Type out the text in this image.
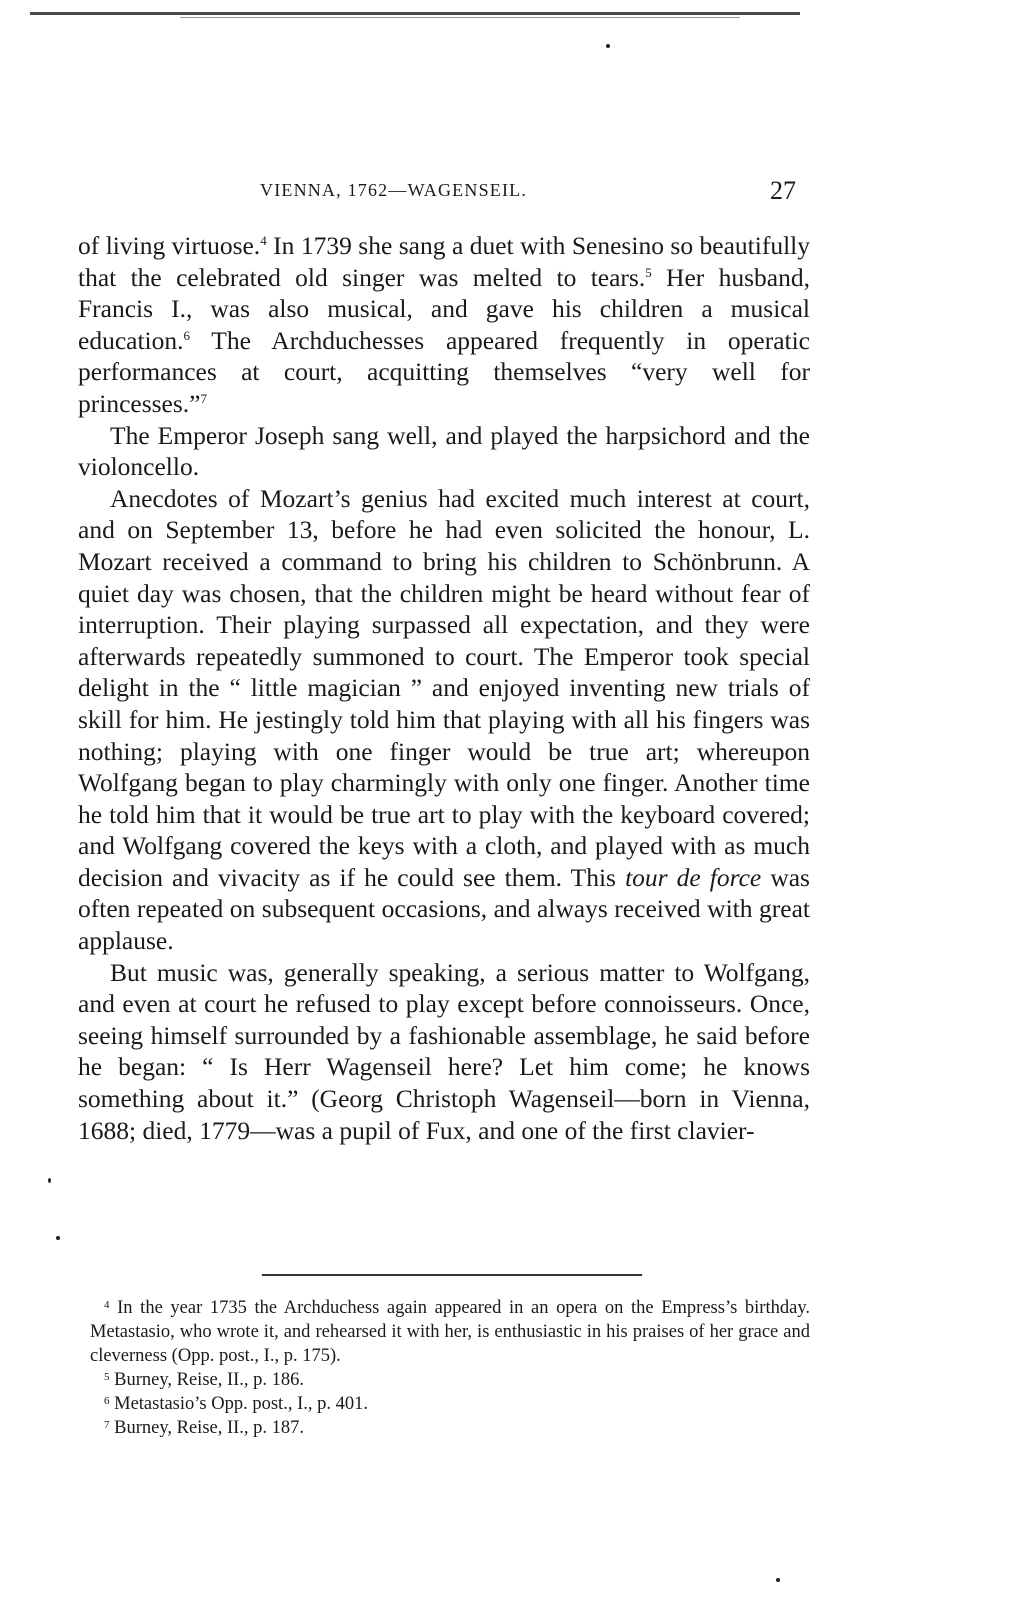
VIENNA, 1762—WAGENSEIL.	27

of living virtuose.$^4$ In 1739 she sang a duet with Senesino so beautifully that the celebrated old singer was melted to tears.$^5$ Her husband, Francis I., was also musical, and gave his children a musical education.$^6$ The Archduchesses appeared frequently in operatic performances at court, acquitting themselves “very well for princesses.”$^7$

The Emperor Joseph sang well, and played the harpsichord and the violoncello.

Anecdotes of Mozart’s genius had excited much interest at court, and on September 13, before he had even solicited the honour, L. Mozart received a command to bring his children to Schönbrunn. A quiet day was chosen, that the children might be heard without fear of interruption. Their playing surpassed all expectation, and they were afterwards repeatedly summoned to court. The Emperor took special delight in the “ little magician ” and enjoyed inventing new trials of skill for him. He jestingly told him that playing with all his fingers was nothing; playing with one finger would be true art; whereupon Wolfgang began to play charmingly with only one finger. Another time he told him that it would be true art to play with the keyboard covered; and Wolfgang covered the keys with a cloth, and played with as much decision and vivacity as if he could see them. This tour de force was often repeated on subsequent occasions, and always received with great applause.

But music was, generally speaking, a serious matter to Wolfgang, and even at court he refused to play except before connoisseurs. Once, seeing himself surrounded by a fashionable assemblage, he said before he began: “ Is Herr Wagenseil here? Let him come; he knows something about it.” (Georg Christoph Wagenseil—born in Vienna, 1688; died, 1779—was a pupil of Fux, and one of the first clavier-

$^4$ In the year 1735 the Archduchess again appeared in an opera on the Empress’s birthday. Metastasio, who wrote it, and rehearsed it with her, is enthusiastic in his praises of her grace and cleverness (Opp. post., I., p. 175).

$^5$ Burney, Reise, II., p. 186.

$^6$ Metastasio’s Opp. post., I., p. 401.

$^7$ Burney, Reise, II., p. 187.
